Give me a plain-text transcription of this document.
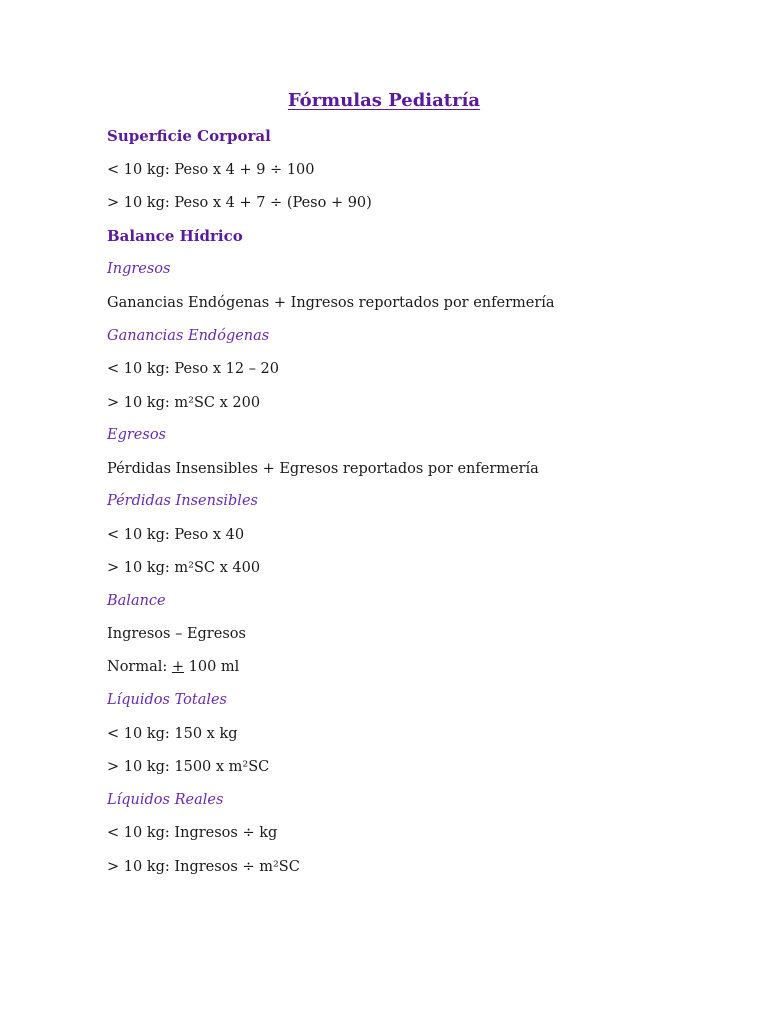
Fórmulas Pediatría
Superficie Corporal
< 10 kg: Peso x 4 + 9 ÷ 100
> 10 kg: Peso x 4 + 7 ÷ (Peso + 90)
Balance Hídrico
Ingresos
Ganancias Endógenas + Ingresos reportados por enfermería
Ganancias Endógenas
< 10 kg: Peso x 12 – 20
> 10 kg: m²SC x 200
Egresos
Pérdidas Insensibles + Egresos reportados por enfermería
Pérdidas Insensibles
< 10 kg: Peso x 40
> 10 kg: m²SC x 400
Balance
Ingresos – Egresos
Normal: + 100 ml
Líquidos Totales
< 10 kg: 150 x kg
> 10 kg: 1500 x m²SC
Líquidos Reales
< 10 kg: Ingresos ÷ kg
> 10 kg: Ingresos ÷ m²SC
